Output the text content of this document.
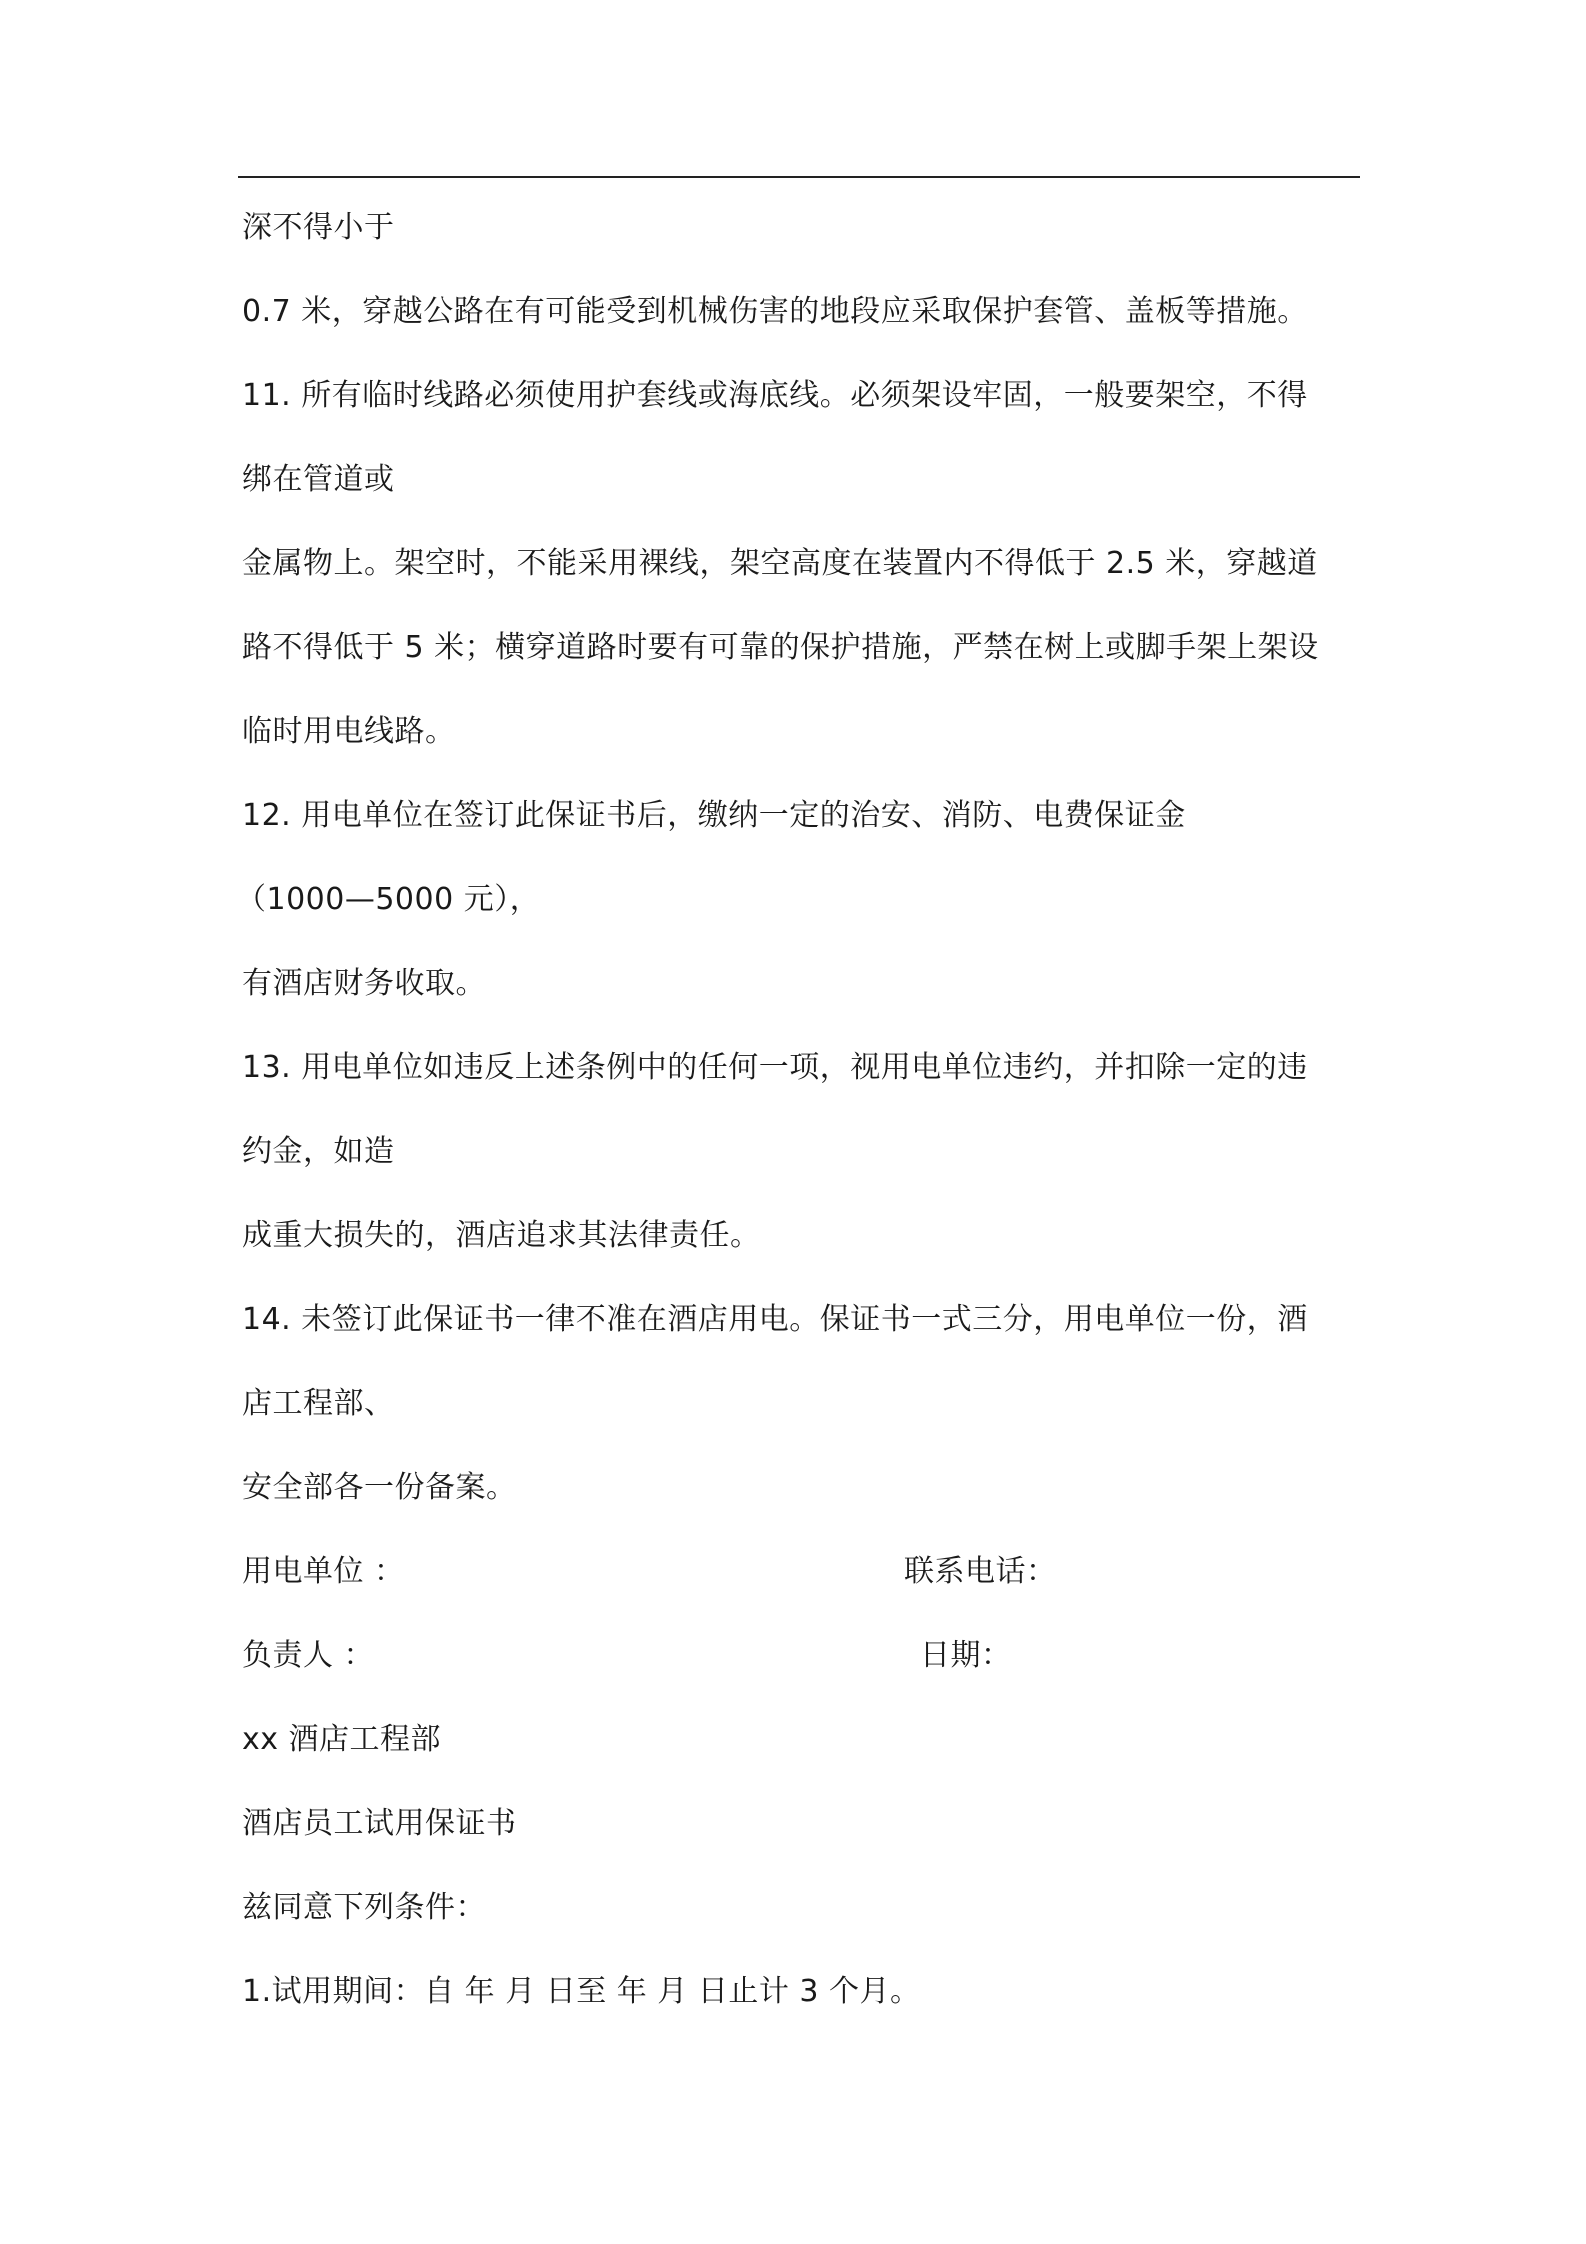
深不得小于
0.7 米，穿越公路在有可能受到机械伤害的地段应采取保护套管、盖板等措施。
11. 所有临时线路必须使用护套线或海底线。必须架设牢固，一般要架空，不得
绑在管道或
金属物上。架空时，不能采用裸线，架空高度在装置内不得低于 2.5 米，穿越道
路不得低于 5 米；横穿道路时要有可靠的保护措施，严禁在树上或脚手架上架设
临时用电线路。
12. 用电单位在签订此保证书后，缴纳一定的治安、消防、电费保证金
（1000—5000 元），
有酒店财务收取。
13. 用电单位如违反上述条例中的任何一项，视用电单位违约，并扣除一定的违
约金，如造
成重大损失的，酒店追求其法律责任。
14. 未签订此保证书一律不准在酒店用电。保证书一式三分，用电单位一份，酒
店工程部、
安全部各一份备案。
用电单位 ：	联系电话：
负责人 ：	日期：
xx 酒店工程部
酒店员工试用保证书
兹同意下列条件：
1.试用期间：自 年 月 日至 年 月 日止计 3 个月。
